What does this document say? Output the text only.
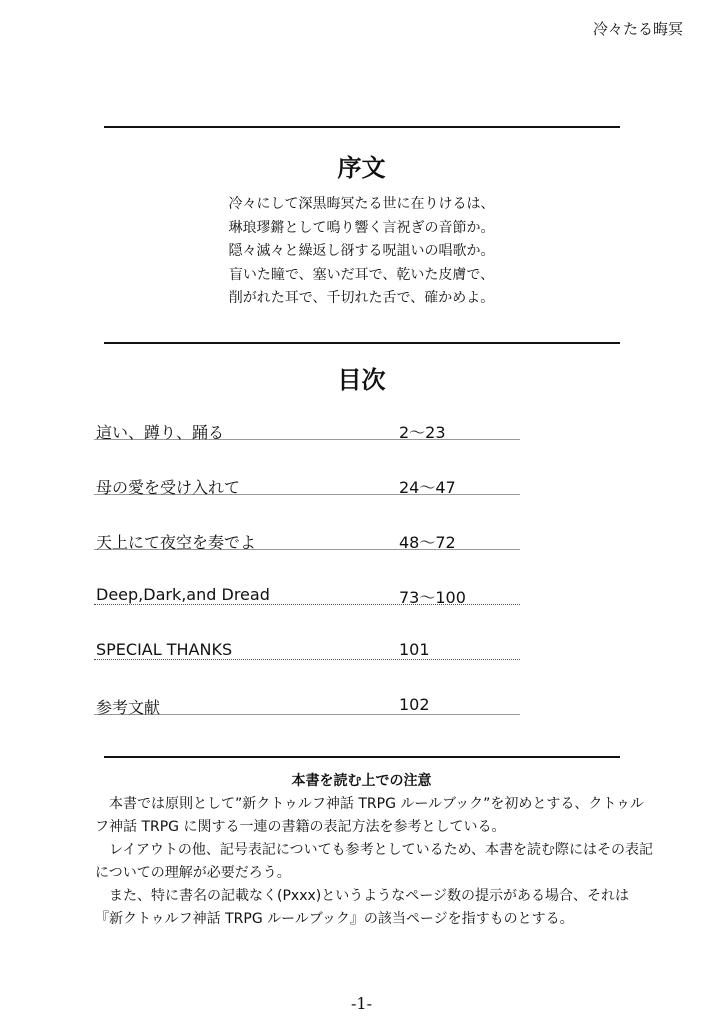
冷々たる晦冥
序文
冷々にして深黒晦冥たる世に在りけるは、
琳琅璆鏘として鳴り響く言祝ぎの音節か。
隠々滅々と繰返し谺する呪詛いの唱歌か。
盲いた瞳で、塞いだ耳で、乾いた皮膚で、
削がれた耳で、千切れた舌で、確かめよ。
目次
這い、蹲り、踊る	2～23
母の愛を受け入れて	24～47
天上にて夜空を奏でよ	48～72
Deep,Dark,and Dread	73～100
SPECIAL THANKS	101
参考文献	102
本書を読む上での注意

　本書では原則として”新クトゥルフ神話 TRPG ルールブック”を初めとする、クトゥルフ神話 TRPG に関する一連の書籍の表記方法を参考としている。

　レイアウトの他、記号表記についても参考としているため、本書を読む際にはその表記についての理解が必要だろう。

　また、特に書名の記載なく(Pxxx)というようなページ数の提示がある場合、それは『新クトゥルフ神話 TRPG ルールブック』の該当ページを指すものとする。

-1-
